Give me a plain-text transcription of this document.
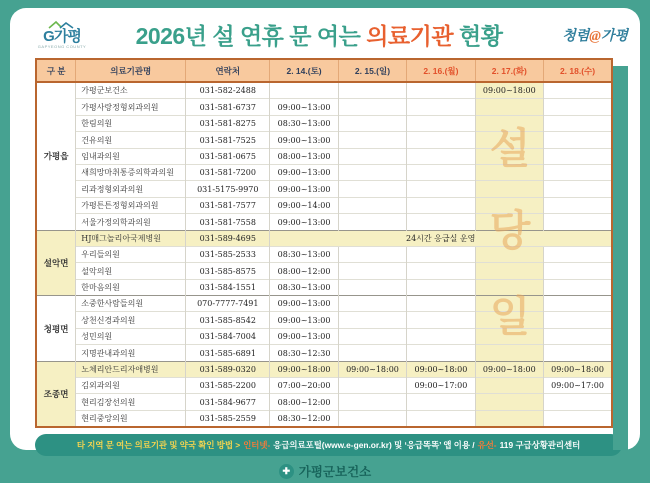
G가평
GAPYEONG COUNTY	2026년 설 연휴 문 여는 의료기관 현황	청렴@가평
구 분	의료기관명	연락처	2. 14.(토)	2. 15.(일)	2. 16.(월)	2. 17.(화)	2. 18.(수)
가평읍	가평군보건소	031-582-2488				09:00~18:00	
	가평사랑정형외과의원	031-581-6737	09:00~13:00				
	한림의원	031-581-8275	08:30~13:00				
	건유의원	031-581-7525	09:00~13:00				
	임내과의원	031-581-0675	08:00~13:00				
	새희망마취통증의학과의원	031-581-7200	09:00~13:00				
	리과정형외과의원	031-5175-9970	09:00~13:00				
	가평튼튼정형외과의원	031-581-7577	09:00~14:00				
	서울가정의학과의원	031-581-7558	09:00~13:00				
설악면	HJ매그놀리아국제병원	031-589-4695	24시간 응급실 운영				
	우리들의원	031-585-2533	08:30~13:00				
	설악의원	031-585-8575	08:00~12:00				
	한마음의원	031-584-1551	08:30~13:00				
청평면	소중한사람들의원	070-7777-7491	09:00~13:00				
	상천신경과의원	031-585-8542	09:00~13:00				
	성민의원	031-584-7004	09:00~13:00				
	지명관내과의원	031-585-6891	08:30~12:30				
조종면	노체리안드리자애병원	031-589-0320	09:00~18:00	09:00~18:00	09:00~18:00	09:00~18:00	09:00~18:00
	김외과의원	031-585-2200	07:00~20:00		09:00~17:00		09:00~17:00
	현리김장선의원	031-584-9677	08:00~12:00				
	현리중앙의원	031-585-2559	08:30~12:00				
설
당
일
타 지역 문 여는 의료기관 및 약국 확인 방법 > 인터넷- 응급의료포털(www.e-gen.or.kr) 및 ‘응급똑똑’ 앱 이용 / 유선- 119 구급상황관리센터
✚ 가평군보건소
